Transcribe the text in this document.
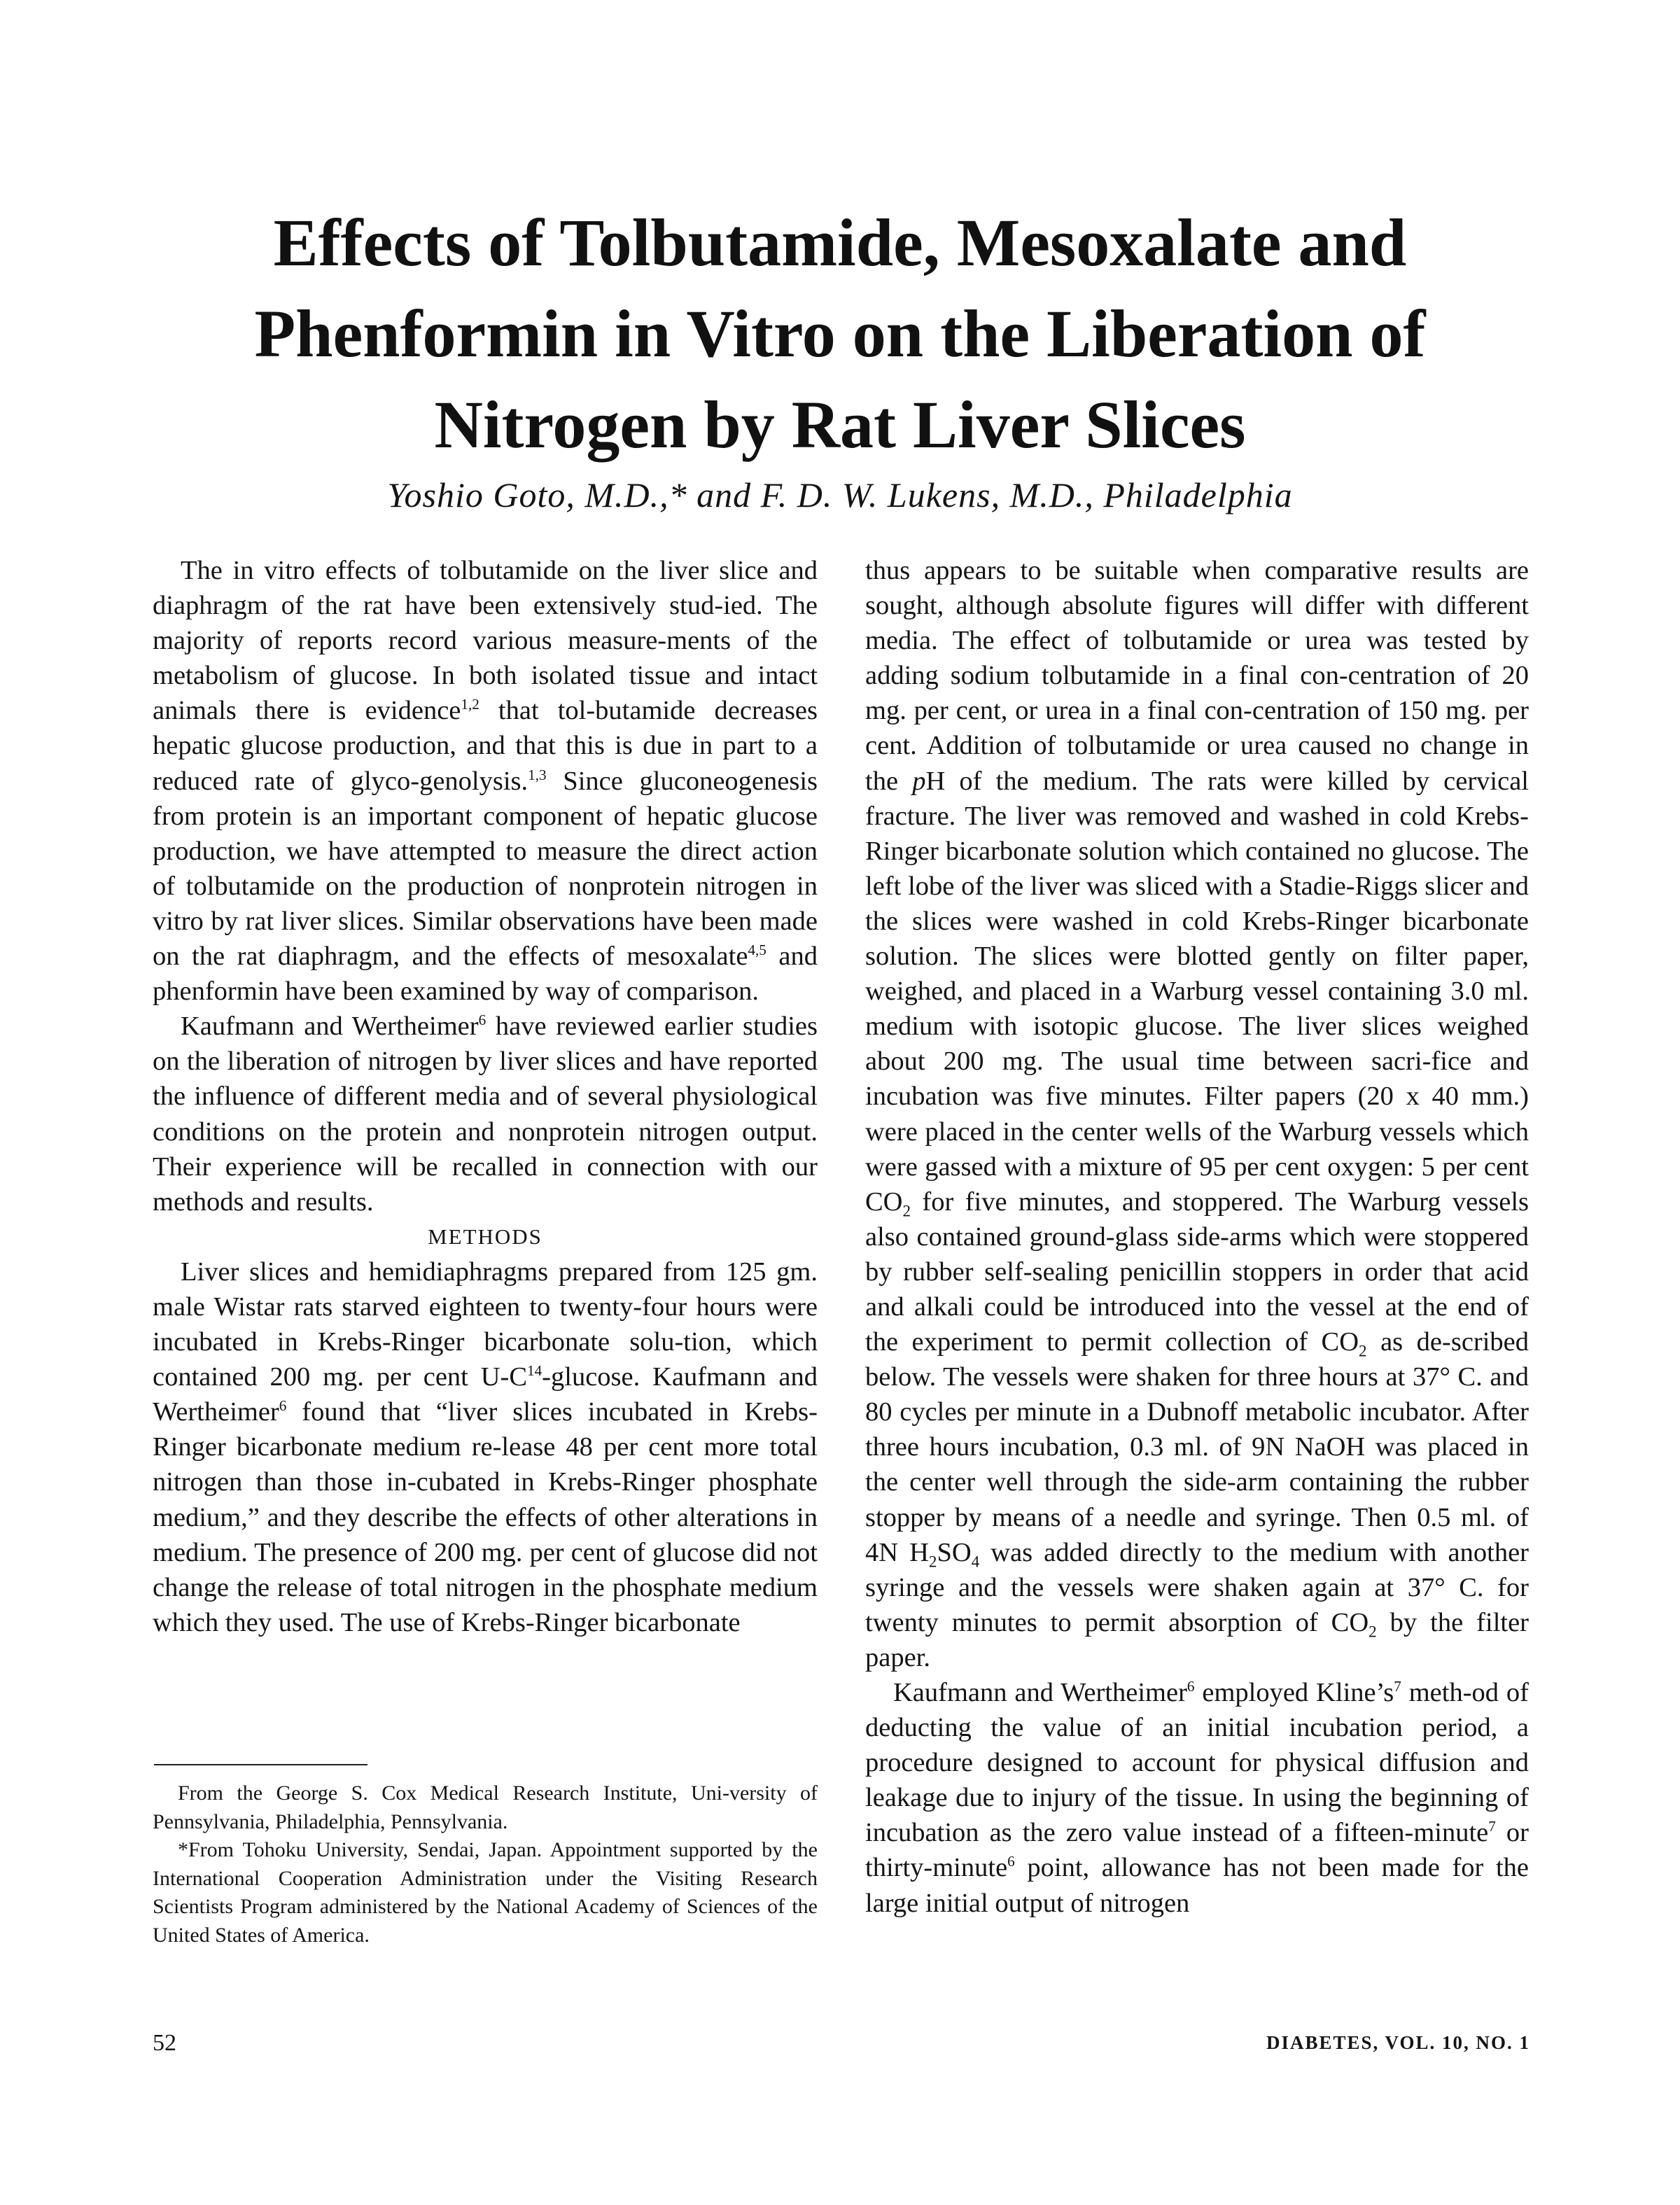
Effects of Tolbutamide, Mesoxalate and
Phenformin in Vitro on the Liberation of
Nitrogen by Rat Liver Slices
Yoshio Goto, M.D.,* and F. D. W. Lukens, M.D., Philadelphia

The in vitro effects of tolbutamide on the liver slice and diaphragm of the rat have been extensively stud-ied. The majority of reports record various measure-ments of the metabolism of glucose. In both isolated tissue and intact animals there is evidence$^{1,2}$ that tol-butamide decreases hepatic glucose production, and that this is due in part to a reduced rate of glyco-genolysis.$^{1,3}$ Since gluconeogenesis from protein is an important component of hepatic glucose production, we have attempted to measure the direct action of tolbutamide on the production of nonprotein nitrogen in vitro by rat liver slices. Similar observations have been made on the rat diaphragm, and the effects of mesoxalate$^{4,5}$ and phenformin have been examined by way of comparison.

Kaufmann and Wertheimer$^6$ have reviewed earlier studies on the liberation of nitrogen by liver slices and have reported the influence of different media and of several physiological conditions on the protein and nonprotein nitrogen output. Their experience will be recalled in connection with our methods and results.

METHODS

Liver slices and hemidiaphragms prepared from 125 gm. male Wistar rats starved eighteen to twenty-four hours were incubated in Krebs-Ringer bicarbonate solu-tion, which contained 200 mg. per cent $U-C^{14}$-glucose. Kaufmann and Wertheimer$^6$ found that “liver slices incubated in Krebs-Ringer bicarbonate medium re-lease 48 per cent more total nitrogen than those in-cubated in Krebs-Ringer phosphate medium,” and they describe the effects of other alterations in medium. The presence of 200 mg. per cent of glucose did not change the release of total nitrogen in the phosphate medium which they used. The use of Krebs-Ringer bicarbonate

From the George S. Cox Medical Research Institute, Uni-versity of Pennsylvania, Philadelphia, Pennsylvania.

*From Tohoku University, Sendai, Japan. Appointment supported by the International Cooperation Administration under the Visiting Research Scientists Program administered by the National Academy of Sciences of the United States of America.

thus appears to be suitable when comparative results are sought, although absolute figures will differ with different media. The effect of tolbutamide or urea was tested by adding sodium tolbutamide in a final con-centration of 20 mg. per cent, or urea in a final con-centration of 150 mg. per cent. Addition of tolbutamide or urea caused no change in the pH of the medium. The rats were killed by cervical fracture. The liver was removed and washed in cold Krebs-Ringer bicarbonate solution which contained no glucose. The left lobe of the liver was sliced with a Stadie-Riggs slicer and the slices were washed in cold Krebs-Ringer bicarbonate solution. The slices were blotted gently on filter paper, weighed, and placed in a Warburg vessel containing 3.0 ml. medium with isotopic glucose. The liver slices weighed about 200 mg. The usual time between sacri-fice and incubation was five minutes. Filter papers (20 x 40 mm.) were placed in the center wells of the Warburg vessels which were gassed with a mixture of 95 per cent oxygen: 5 per cent $CO_2$ for five minutes, and stoppered. The Warburg vessels also contained ground-glass side-arms which were stoppered by rubber self-sealing penicillin stoppers in order that acid and alkali could be introduced into the vessel at the end of the experiment to permit collection of $CO_2$ as de-scribed below. The vessels were shaken for three hours at 37° C. and 80 cycles per minute in a Dubnoff metabolic incubator. After three hours incubation, 0.3 ml. of 9N NaOH was placed in the center well through the side-arm containing the rubber stopper by means of a needle and syringe. Then 0.5 ml. of 4N $H_2SO_4$ was added directly to the medium with another syringe and the vessels were shaken again at 37° C. for twenty minutes to permit absorption of $CO_2$ by the filter paper.

Kaufmann and Wertheimer$^6$ employed $Kline’s^7$ meth-od of deducting the value of an initial incubation period, a procedure designed to account for physical diffusion and leakage due to injury of the tissue. In using the beginning of incubation as the zero value instead of a fifteen-minute$^7$ or thirty-minute$^6$ point, allowance has not been made for the large initial output of nitrogen

52	DIABETES, VOL. 10, NO. 1
